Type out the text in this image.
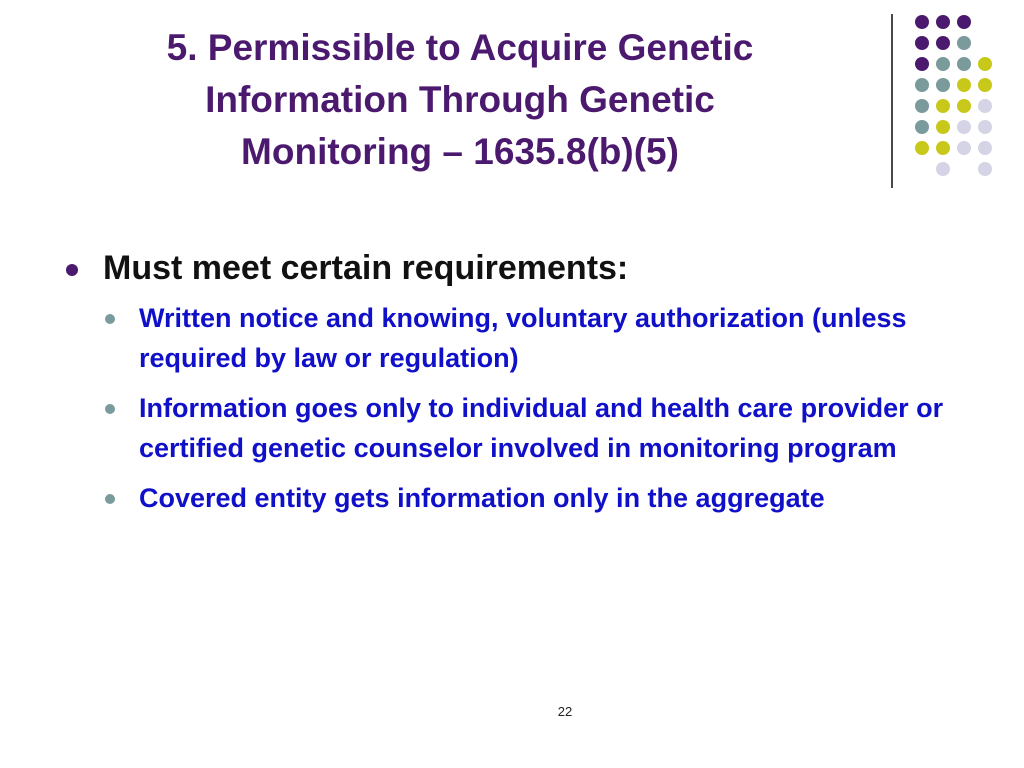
5. Permissible to Acquire Genetic
Information Through Genetic
Monitoring – 1635.8(b)(5)
Must meet certain requirements:
Written notice and knowing, voluntary authorization (unless required by law or regulation)
Information goes only to individual and health care provider or certified genetic counselor involved in monitoring program
Covered entity gets information only in the aggregate
22
